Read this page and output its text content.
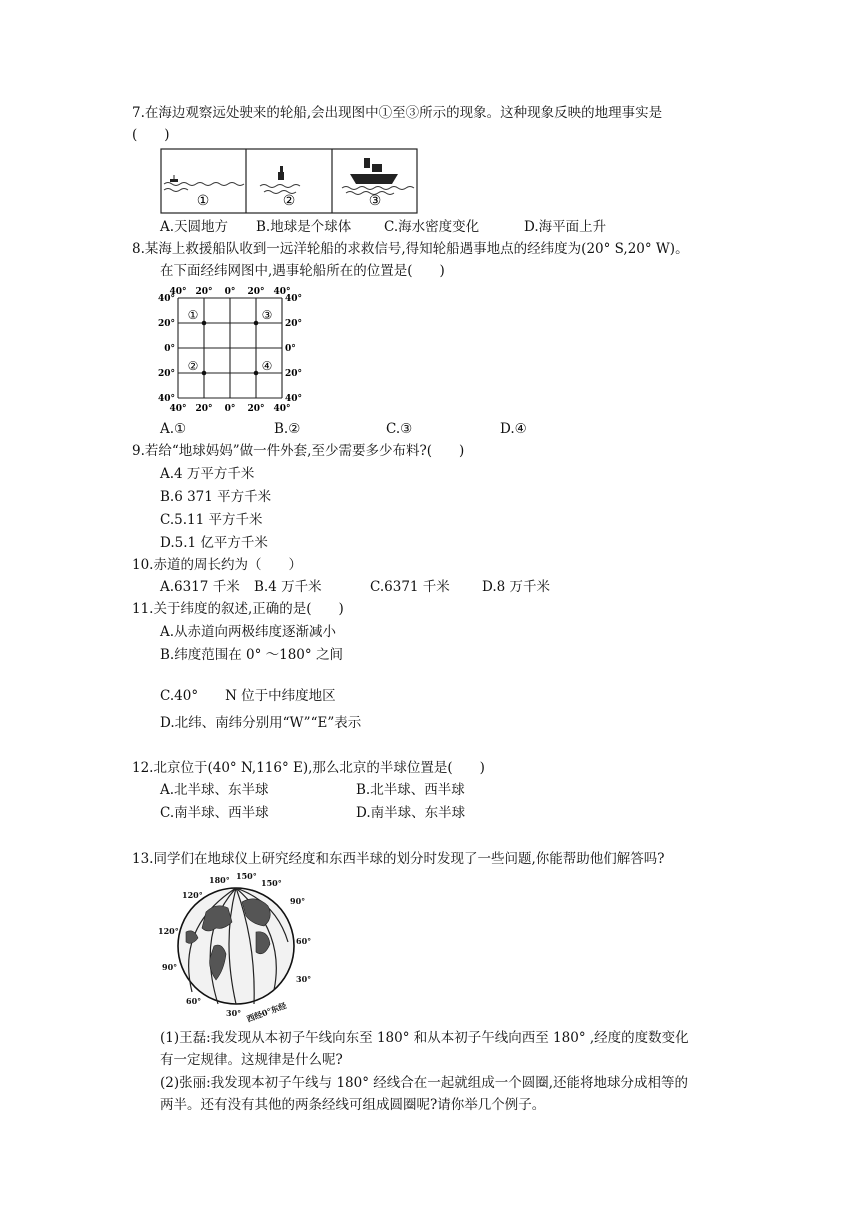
7.在海边观察远处驶来的轮船,会出现图中①至③所示的现象。这种现象反映的地理事实是
(　　)
①	②	③
A.天圆地方	B.地球是个球体	C.海水密度变化	D.海平面上升
8.某海上救援船队收到一远洋轮船的求救信号,得知轮船遇事地点的经纬度为(20° S,20° W)。
在下面经纬网图中,遇事轮船所在的位置是(　　)
40° 20° 0° 20° 40°
40° 20° 0° 20° 40°
40°
20°
0°
20°
40°
40°
20°
0°
20°
40°
①	③
②	④
A.①	B.②	C.③	D.④
9.若给“地球妈妈”做一件外套,至少需要多少布料?(　　)
A.4 万平方千米
B.6 371 平方千米
C.5.11 平方千米
D.5.1 亿平方千米
10.赤道的周长约为（　　）
A.6317 千米	B.4 万千米	C.6371 千米	D.8 万千米
11.关于纬度的叙述,正确的是(　　)
A.从赤道向两极纬度逐渐减小
B.纬度范围在 0° ～180° 之间
C.40°　　N 位于中纬度地区
D.北纬、南纬分别用“W”“E”表示
12.北京位于(40° N,116° E),那么北京的半球位置是(　　)
A.北半球、东半球	B.北半球、西半球
C.南半球、西半球	D.南半球、东半球
13.同学们在地球仪上研究经度和东西半球的划分时发现了一些问题,你能帮助他们解答吗?
180° 150°
120°
150°
90°
120°
60°
90°
30°
60°
30° 西经0°东经
(1)王磊:我发现从本初子午线向东至 180° 和从本初子午线向西至 180° ,经度的度数变化
有一定规律。这规律是什么呢?
(2)张丽:我发现本初子午线与 180° 经线合在一起就组成一个圆圈,还能将地球分成相等的
两半。还有没有其他的两条经线可组成圆圈呢?请你举几个例子。
